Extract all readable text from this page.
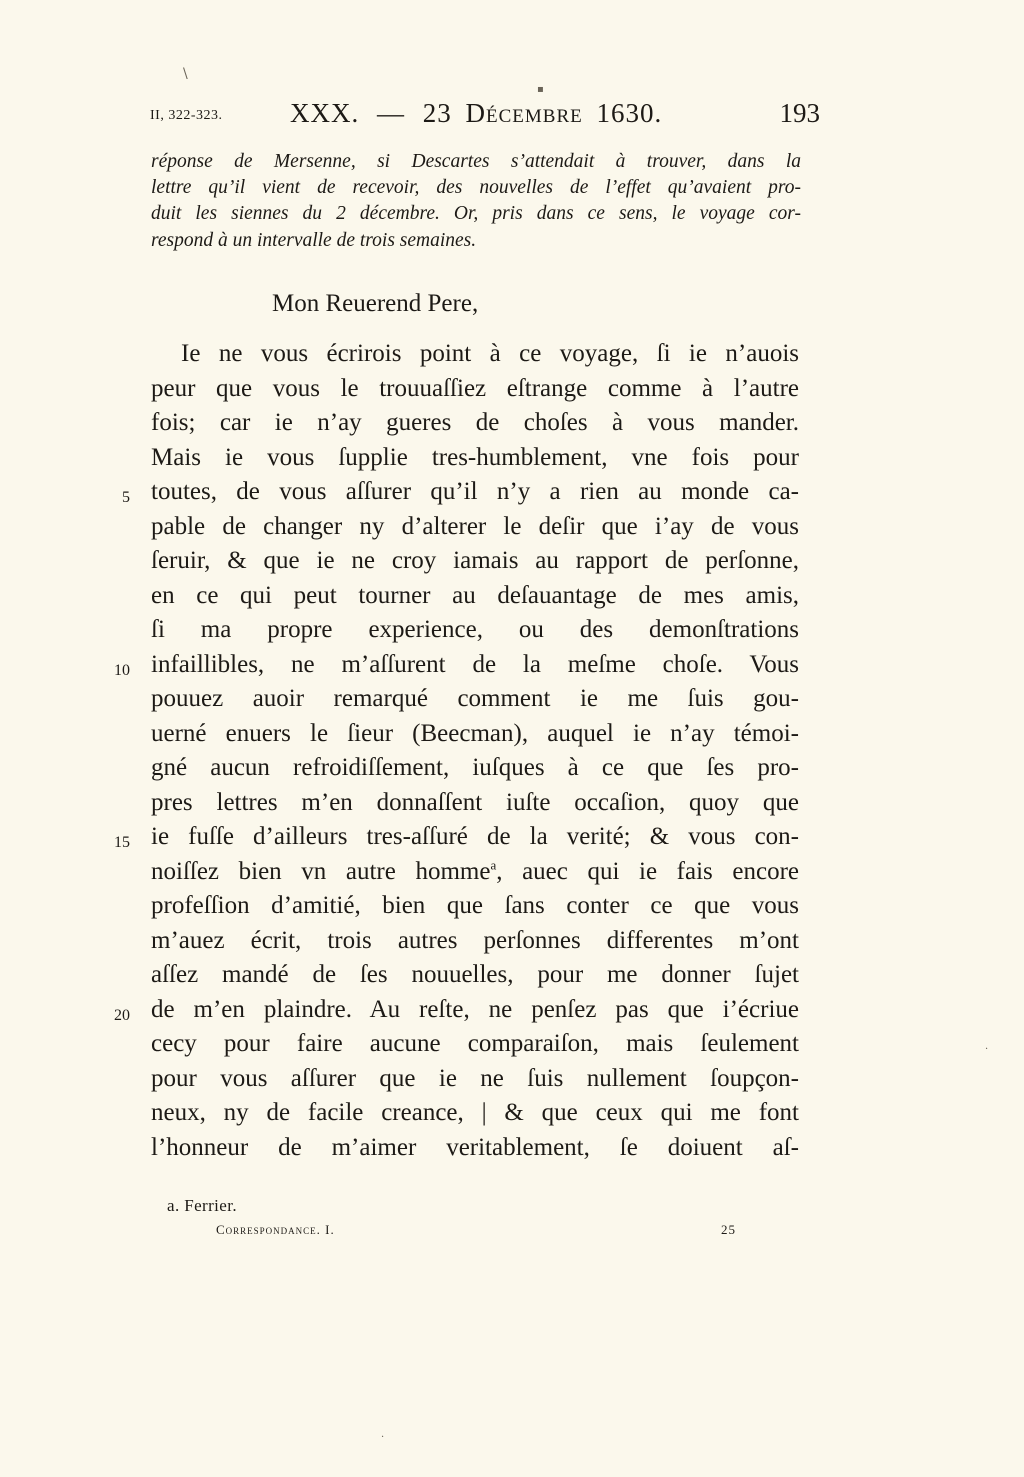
\
▪
II, 322-323.	XXX. — 23 Décembre 1630.	193
réponse de Mersenne, si Descartes s’attendait à trouver, dans la
lettre qu’il vient de recevoir, des nouvelles de l’effet qu’avaient pro-
duit les siennes du 2 décembre. Or, pris dans ce sens, le voyage cor-
respond à un intervalle de trois semaines.
Mon Reuerend Pere,
5
10
15
20
Ie ne vous écrirois point à ce voyage, ſi ie n’auois
peur que vous le trouuaſſiez eſtrange comme à l’autre
fois; car ie n’ay gueres de choſes à vous mander.
Mais ie vous ſupplie tres-humblement, vne fois pour
toutes, de vous aſſurer qu’il n’y a rien au monde ca-
pable de changer ny d’alterer le deſir que i’ay de vous
ſeruir, & que ie ne croy iamais au rapport de perſonne,
en ce qui peut tourner au deſauantage de mes amis,
ſi ma propre experience, ou des demonſtrations
infaillibles, ne m’aſſurent de la meſme choſe. Vous
pouuez auoir remarqué comment ie me ſuis gou-
uerné enuers le ſieur (Beecman), auquel ie n’ay témoi-
gné aucun refroidiſſement, iuſques à ce que ſes pro-
pres lettres m’en donnaſſent iuſte occaſion, quoy que
ie fuſſe d’ailleurs tres-aſſuré de la verité; & vous con-
noiſſez bien vn autre homme$^a$, auec qui ie fais encore
profeſſion d’amitié, bien que ſans conter ce que vous
m’auez écrit, trois autres perſonnes differentes m’ont
aſſez mandé de ſes nouuelles, pour me donner ſujet
de m’en plaindre. Au reſte, ne penſez pas que i’écriue
cecy pour faire aucune comparaiſon, mais ſeulement
pour vous aſſurer que ie ne ſuis nullement ſoupçon-
neux, ny de facile creance, | & que ceux qui me font
l’honneur de m’aimer veritablement, ſe doiuent aſ-
a. Ferrier.
Correspondance. I.	25
·
·
